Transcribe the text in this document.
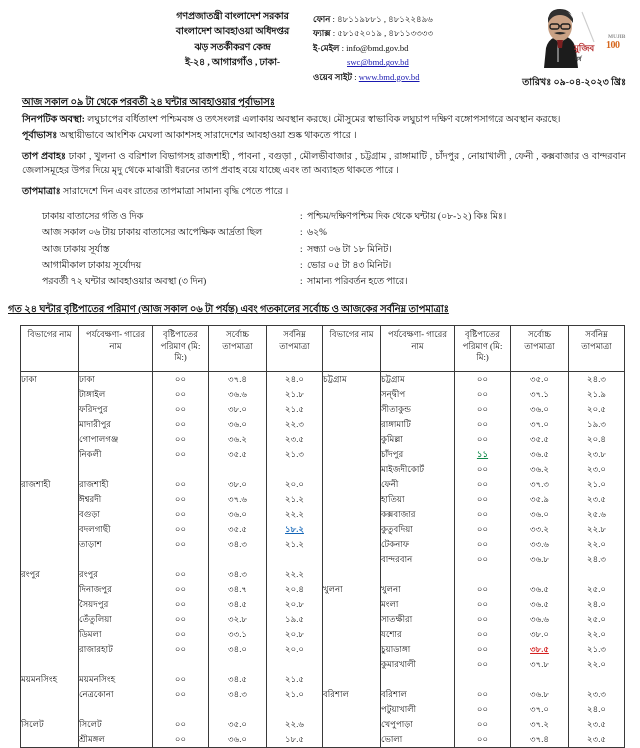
গণপ্রজাতন্ত্রী বাংলাদেশ সরকার
বাংলাদেশ আবহাওয়া অধিদপ্তর
ঝড় সতর্কীকরণ কেন্দ্র
ই-২৪ , আগারগাঁও , ঢাকা-
ফোন : ৪৮১১৯৮৮১ , ৪৮১২২৪৯৬
ফ্যাক্স : ৫৮১৫২০১৯ , ৪৮১১৩৩৩৩
ই-মেইল : info@bmd.gov.bd
swc@bmd.gov.bd
ওয়েব সাইট : www.bmd.gov.bd
মুজিব
বর্ষ
MUJIB
100
তারিখঃ ০৯-০৪-২০২৩ খ্রিঃ
আজ সকাল ০৯ টা থেকে পরবর্তী ২৪ ঘন্টার আবহাওয়ার পূর্বাভাসঃ

সিনপটিক অবস্থা: লঘুচাপের বর্ধিতাংশ পশ্চিমবঙ্গ ও তৎসংলগ্ন এলাকায় অবস্থান করছে। মৌসুমের স্বাভাবিক লঘুচাপ দক্ষিণ বঙ্গোপসাগরে অবস্থান করছে।

পূর্বাভাসঃ অস্থায়ীভাবে আংশিক মেঘলা আকাশসহ সারাদেশের আবহাওয়া শুষ্ক থাকতে পারে ।

তাপ প্রবাহঃ ঢাকা , খুলনা ও বরিশাল বিভাগসহ রাজশাহী , পাবনা , বগুড়া , মৌলভীবাজার , চট্টগ্রাম , রাঙ্গামাটি , চাঁদপুর , নোয়াখালী , ফেনী , কক্সবাজার ও বান্দরবান জেলাসমূহের উপর দিয়ে মৃদু থেকে মাঝারী ধরনের তাপ প্রবাহ বয়ে যাচ্ছে এবং তা অব্যাহত থাকতে পারে ।

তাপমাত্রাঃ সারাদেশে দিন এবং রাতের তাপমাত্রা সামান্য বৃদ্ধি পেতে পারে ।

ঢাকায় বাতাসের গতি ও দিক	: পশ্চিম/দক্ষিণপশ্চিম দিক থেকে ঘন্টায় (০৮-১২) কিঃ মিঃ।
আজ সকাল ০৬ টায় ঢাকায় বাতাসের আপেক্ষিক আর্দ্রতা ছিল	: ৬২%
আজ ঢাকায় সূর্যাস্ত	: সন্ধ্যা ০৬ টা ১৮ মিনিট।
আগামীকাল ঢাকায় সূর্যোদয়	: ভোর ০৫ টা ৪৩ মিনিট।
পরবর্তী ৭২ ঘন্টার আবহাওয়ার অবস্থা (৩ দিন)	: সামান্য পরিবর্তন হতে পারে।
গত ২৪ ঘন্টার বৃষ্টিপাতের পরিমাণ (আজ সকাল ০৬ টা পর্যন্ত) এবং গতকালের সর্বোচ্চ ও আজকের সর্বনিম্ন তাপমাত্রাঃ
বিভাগের নাম	পর্যবেক্ষণা- গারের নাম	বৃষ্টিপাতের পরিমাণ (মি: মি:)	সর্বোচ্চ তাপমাত্রা	সর্বনিম্ন তাপমাত্রা	বিভাগের নাম	পর্যবেক্ষণা- গারের নাম	বৃষ্টিপাতের পরিমাণ (মি: মি:)	সর্বোচ্চ তাপমাত্রা	সর্বনিম্ন তাপমাত্রা
ঢাকা	ঢাকা	০০	৩৭.৪	২৪.০	চট্টগ্রাম	চট্টগ্রাম	০০	৩৫.০	২৪.৩
	টাঙ্গাইল	০০	৩৬.৬	২১.৮		সন্দ্বীপ	০০	৩৭.১	২১.৯
	ফরিদপুর	০০	৩৮.০	২১.৫		সীতাকুন্ড	০০	৩৬.০	২০.৫
	মাদারীপুর	০০	৩৬.০	২২.৩		রাঙ্গামাটি	০০	৩৭.০	১৯.৩
	গোপালগঞ্জ	০০	৩৬.২	২৩.৫		কুমিল্লা	০০	৩৫.৫	২০.৪
	নিকলী	০০	৩৫.৫	২১.৩		চাঁদপুর	১১	৩৬.৫	২৩.৮
						মাইজদীকোর্ট	০০	৩৬.২	২৩.০
রাজশাহী	রাজশাহী	০০	৩৮.০	২০.০		ফেনী	০০	৩৭.৩	২১.০
	ঈশ্বরদী	০০	৩৭.৬	২১.২		হাতিয়া	০০	৩৫.৯	২৩.৫
	বগুড়া	০০	৩৬.০	২২.২		কক্সবাজার	০০	৩৬.০	২৫.৬
	বদলগাছী	০০	৩৫.৫	১৮.২		কুতুবদিয়া	০০	৩৩.২	২২.৮
	তাড়াশ	০০	৩৪.৩	২১.২		টেকনাফ	০০	৩৩.৬	২২.০
						বান্দরবান	০০	৩৬.৮	২৪.৩
রংপুর	রংপুর	০০	৩৪.৩	২২.২					
	দিনাজপুর	০০	৩৪.৭	২০.৪	খুলনা	খুলনা	০০	৩৬.৫	২৫.০
	সৈয়দপুর	০০	৩৪.৫	২০.৮		মংলা	০০	৩৬.৫	২৪.০
	তেঁতুলিয়া	০০	৩২.৮	১৯.৫		সাতক্ষীরা	০০	৩৬.৬	২৫.০
	ডিমলা	০০	৩৩.১	২০.৮		যশোর	০০	৩৮.০	২২.০
	রাজারহাট	০০	৩৪.০	২০.০		চুয়াডাঙ্গা	০০	৩৮.৫	২১.৩
						কুমারখালী	০০	৩৭.৮	২২.০
ময়মনসিংহ	ময়মনসিংহ	০০	৩৪.৫	২১.৫					
	নেত্রকোনা	০০	৩৪.৩	২১.০	বরিশাল	বরিশাল	০০	৩৬.৮	২৩.৩
						পটুয়াখালী	০০	৩৭.০	২৪.০
সিলেট	সিলেট	০০	৩৫.০	২২.৬		খেপুপাড়া	০০	৩৭.২	২৩.৫
	শ্রীমঙ্গল	০০	৩৬.০	১৮.৫		ভোলা	০০	৩৭.৪	২৩.৫
